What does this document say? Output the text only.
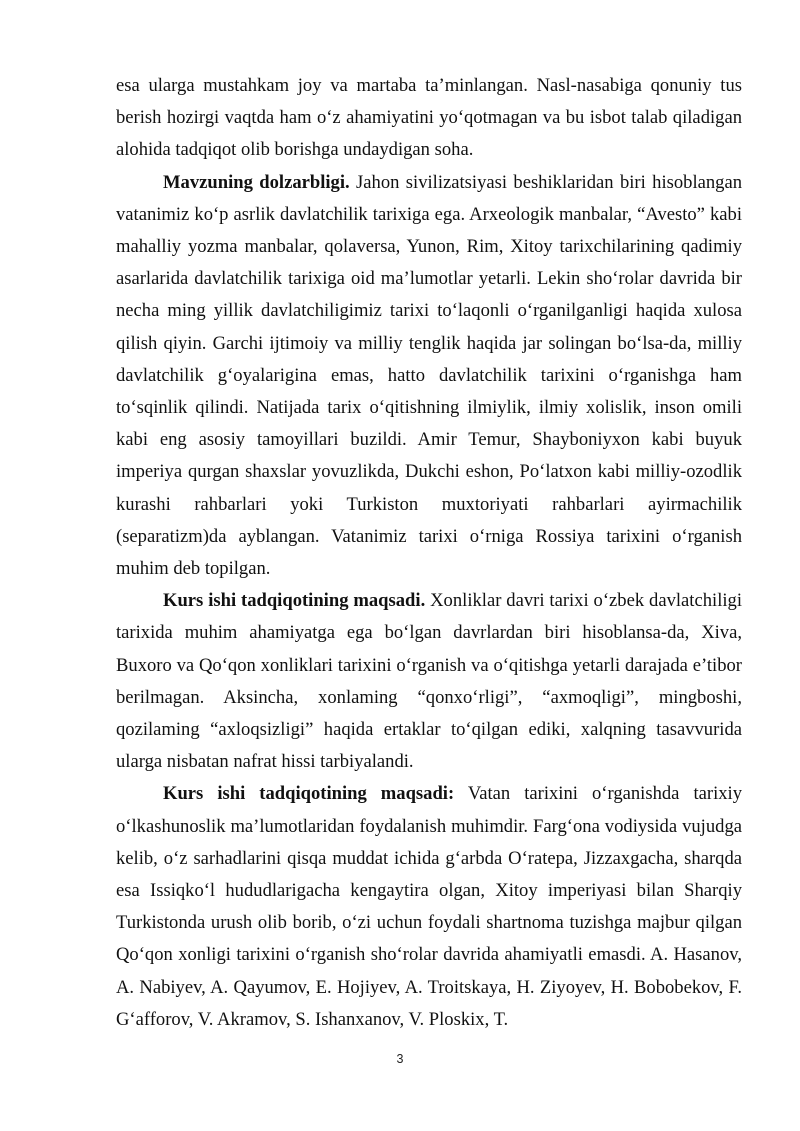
esa ularga mustahkam joy va martaba ta’minlangan. Nasl-nasabiga qonuniy tus berish hozirgi vaqtda ham o‘z ahamiyatini yo‘qotmagan va bu isbot talab qiladigan alohida tadqiqot olib borishga undaydigan soha.

Mavzuning dolzarbligi. Jahon sivilizatsiyasi beshiklaridan biri hisoblangan vatanimiz ko‘p asrlik davlatchilik tarixiga ega. Arxeologik manbalar, “Avesto” kabi mahalliy yozma manbalar, qolaversa, Yunon, Rim, Xitoy tarixchilarining qadimiy asarlarida davlatchilik tarixiga oid ma’lumotlar yetarli. Lekin sho‘rolar davrida bir necha ming yillik davlatchiligimiz tarixi to‘laqonli o‘rganilganligi haqida xulosa qilish qiyin. Garchi ijtimoiy va milliy tenglik haqida jar solingan bo‘lsa-da, milliy davlatchilik g‘oyalarigina emas, hatto davlatchilik tarixini o‘rganishga ham to‘sqinlik qilindi. Natijada tarix o‘qitishning ilmiylik, ilmiy xolislik, inson omili kabi eng asosiy tamoyillari buzildi. Amir Temur, Shayboniyxon kabi buyuk imperiya qurgan shaxslar yovuzlikda, Dukchi eshon, Po‘latxon kabi milliy-ozodlik kurashi rahbarlari yoki Turkiston muxtoriyati rahbarlari ayirmachilik (separatizm)da ayblangan. Vatanimiz tarixi o‘rniga Rossiya tarixini o‘rganish muhim deb topilgan.

Kurs ishi tadqiqotining maqsadi. Xonliklar davri tarixi o‘zbek davlatchiligi tarixida muhim ahamiyatga ega bo‘lgan davrlardan biri hisoblansa-da, Xiva, Buxoro va Qo‘qon xonliklari tarixini o‘rganish va o‘qitishga yetarli darajada e’tibor berilmagan. Aksincha, xonlaming “qonxo‘rligi”, “axmoqligi”, mingboshi, qozilaming “axloqsizligi” haqida ertaklar to‘qilgan ediki, xalqning tasavvurida ularga nisbatan nafrat hissi tarbiyalandi.

Kurs ishi tadqiqotining maqsadi: Vatan tarixini o‘rganishda tarixiy o‘lkashunoslik ma’lumotlaridan foydalanish muhimdir. Farg‘ona vodiysida vujudga kelib, o‘z sarhadlarini qisqa muddat ichida g‘arbda O‘ratepa, Jizzaxgacha, sharqda esa Issiqko‘l hududlarigacha kengaytira olgan, Xitoy imperiyasi bilan Sharqiy Turkistonda urush olib borib, o‘zi uchun foydali shartnoma tuzishga majbur qilgan Qo‘qon xonligi tarixini o‘rganish sho‘rolar davrida ahamiyatli emasdi. A. Hasanov, A. Nabiyev, A. Qayumov, E. Hojiyev, A. Troitskaya, H. Ziyoyev, H. Bobobekov, F. G‘afforov, V. Akramov, S. Ishanxanov, V. Ploskix, T.

3
